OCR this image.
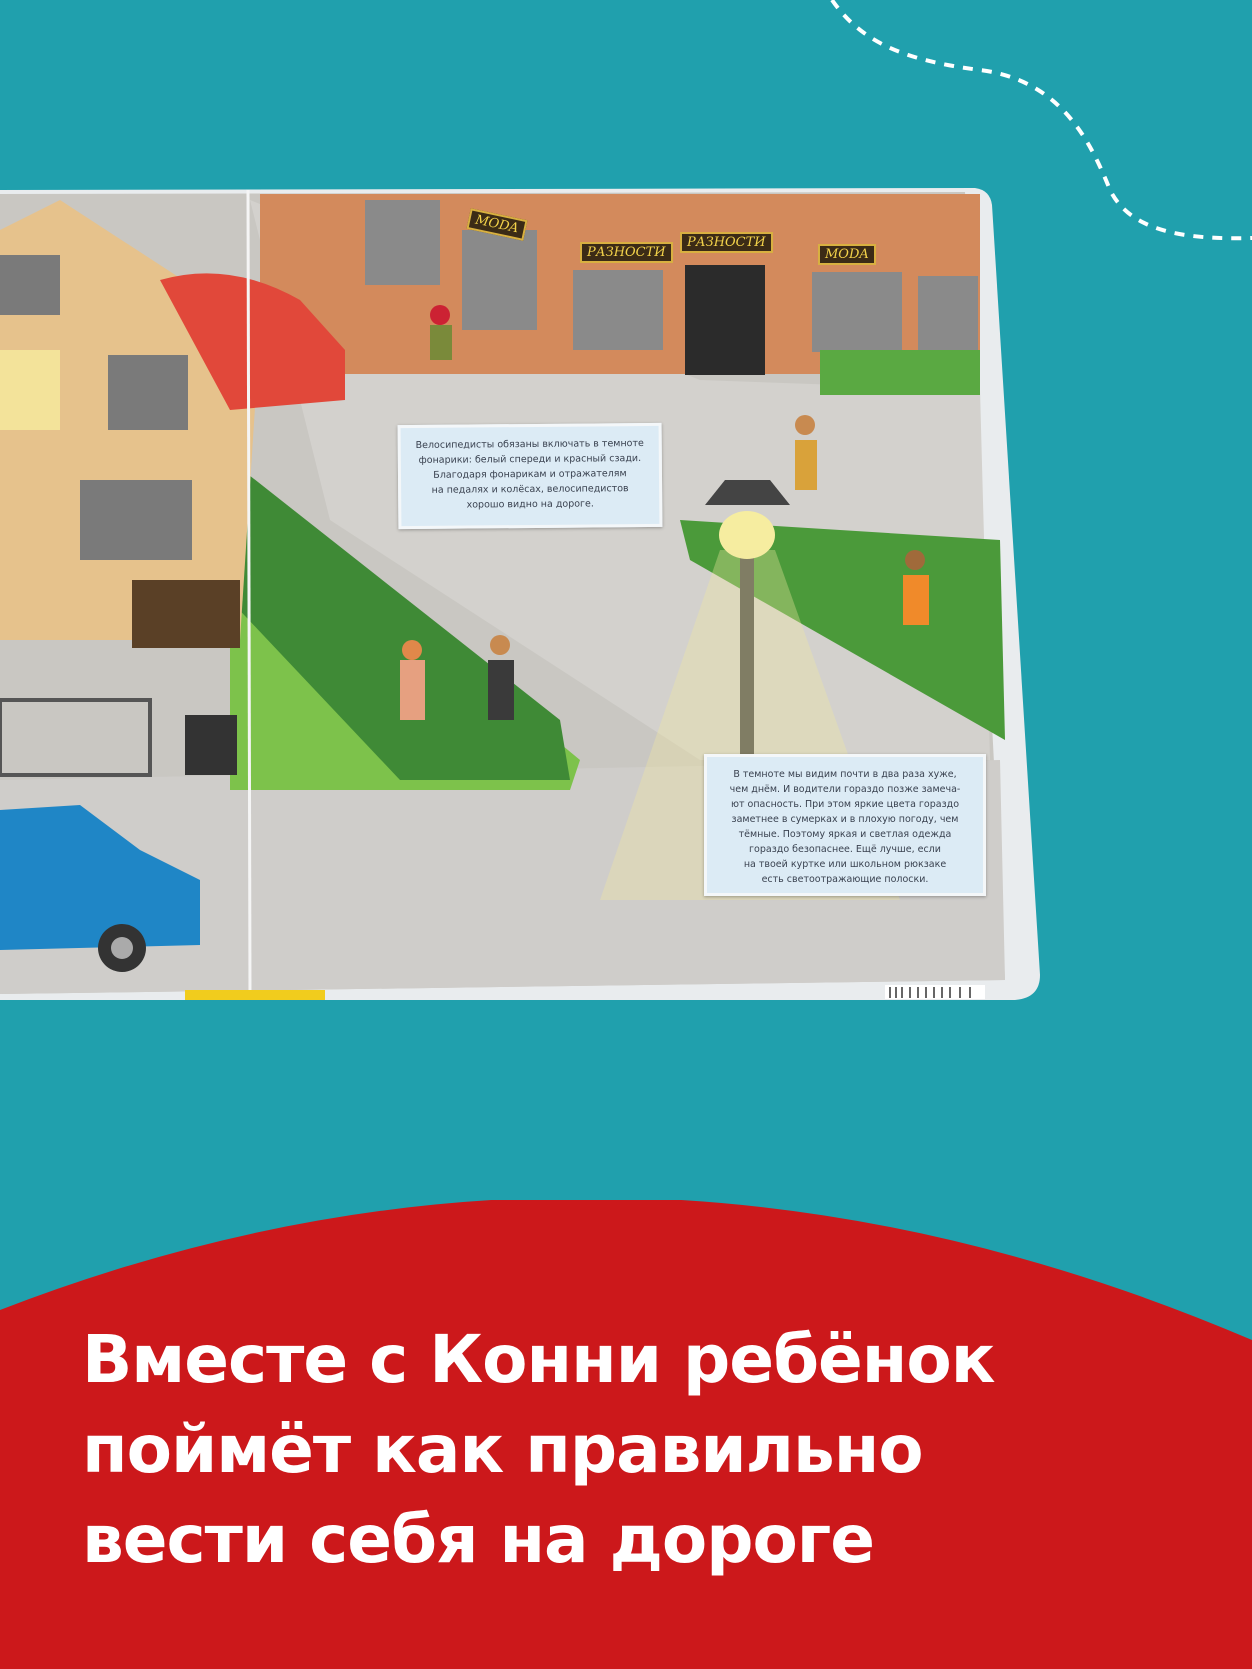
MODA
РАЗНОСТИ
РАЗНОСТИ
MODA
Велосипедисты обязаны включать в темноте
фонарики: белый спереди и красный сзади.
Благодаря фонарикам и отражателям
на педалях и колёсах, велосипедистов
хорошо видно на дороге.
В темноте мы видим почти в два раза хуже,
чем днём. И водители гораздо позже замеча-
ют опасность. При этом яркие цвета гораздо
заметнее в сумерках и в плохую погоду, чем
тёмные. Поэтому яркая и светлая одежда
гораздо безопаснее. Ещё лучше, если
на твоей куртке или школьном рюкзаке
есть светоотражающие полоски.
Вместе с Конни ребёнок
поймёт как правильно
вести себя на дороге
